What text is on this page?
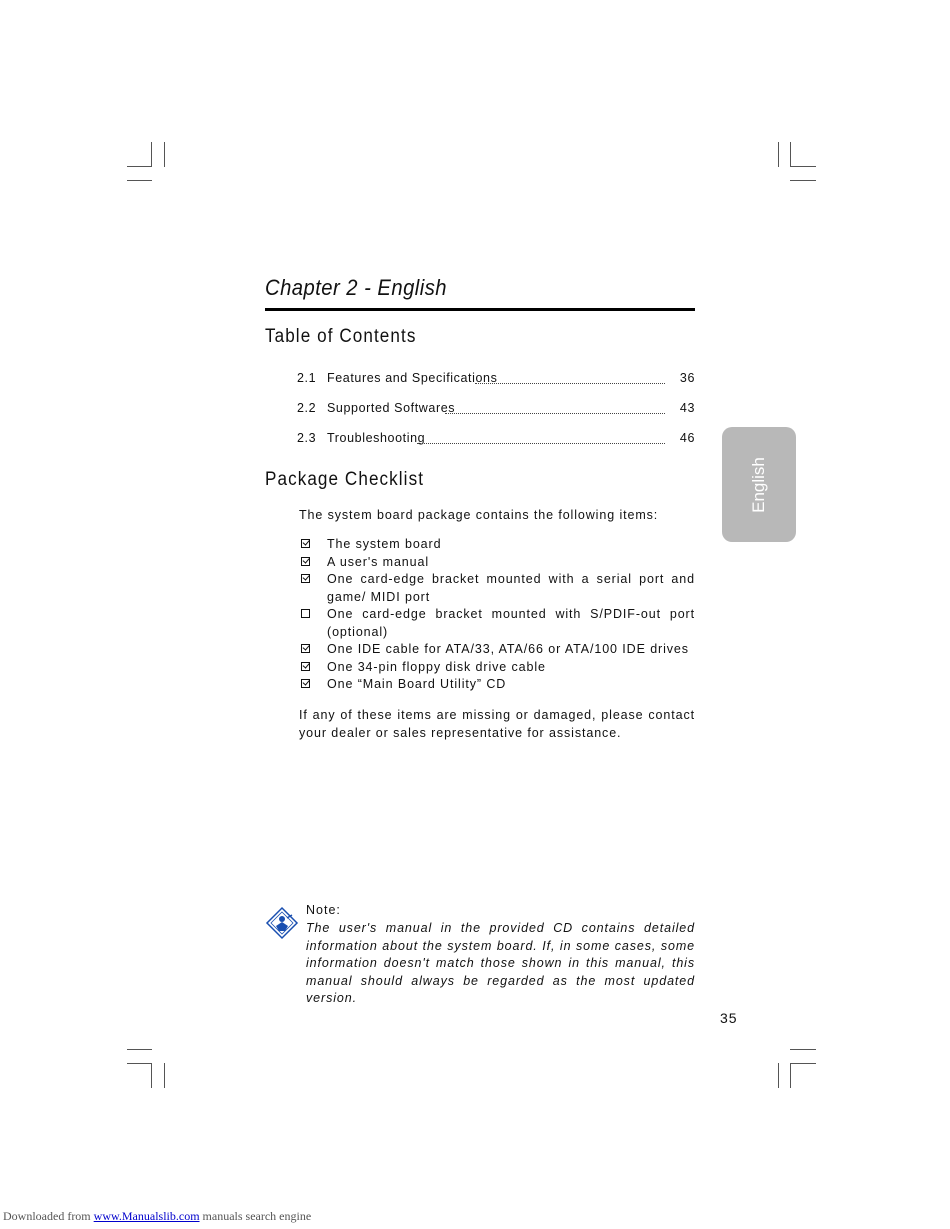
Chapter 2 - English
Table of Contents
2.1 Features and Specifications	36
2.2 Supported Softwares	43
2.3 Troubleshooting	46
Package Checklist
The system board package contains the following items:
The system board
A user's manual
One card-edge bracket mounted with a serial port and game/ MIDI port
One card-edge bracket mounted with S/PDIF-out port (optional)
One IDE cable for ATA/33, ATA/66 or ATA/100 IDE drives
One 34-pin floppy disk drive cable
One “Main Board Utility” CD
If any of these items are missing or damaged, please contact your dealer or sales representative for assistance.
English
Note:
The user's manual in the provided CD contains detailed information about the system board. If, in some cases, some information doesn't match those shown in this manual, this manual should always be regarded as the most updated version.
35
Downloaded from www.Manualslib.com manuals search engine
